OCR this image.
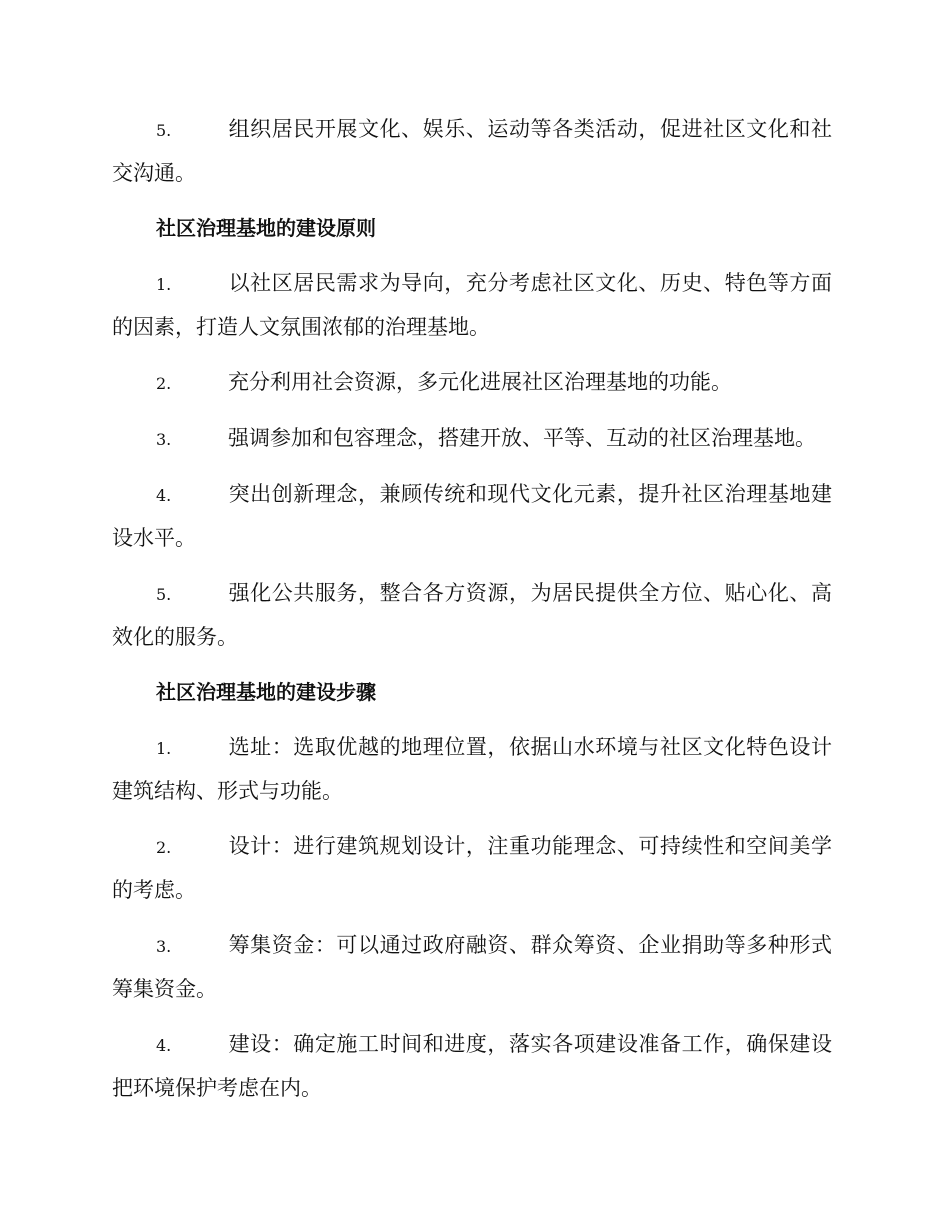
5.	组织居民开展文化、娱乐、运动等各类活动，促进社区文化和社交沟通。

社区治理基地的建设原则

1.	以社区居民需求为导向，充分考虑社区文化、历史、特色等方面的因素，打造人文氛围浓郁的治理基地。

2.	充分利用社会资源，多元化进展社区治理基地的功能。

3.	强调参加和包容理念，搭建开放、平等、互动的社区治理基地。

4.	突出创新理念，兼顾传统和现代文化元素，提升社区治理基地建设水平。

5.	强化公共服务，整合各方资源，为居民提供全方位、贴心化、高效化的服务。

社区治理基地的建设步骤

1.	选址：选取优越的地理位置，依据山水环境与社区文化特色设计建筑结构、形式与功能。

2.	设计：进行建筑规划设计，注重功能理念、可持续性和空间美学的考虑。

3.	筹集资金：可以通过政府融资、群众筹资、企业捐助等多种形式筹集资金。

4.	建设：确定施工时间和进度，落实各项建设准备工作，确保建设把环境保护考虑在内。
